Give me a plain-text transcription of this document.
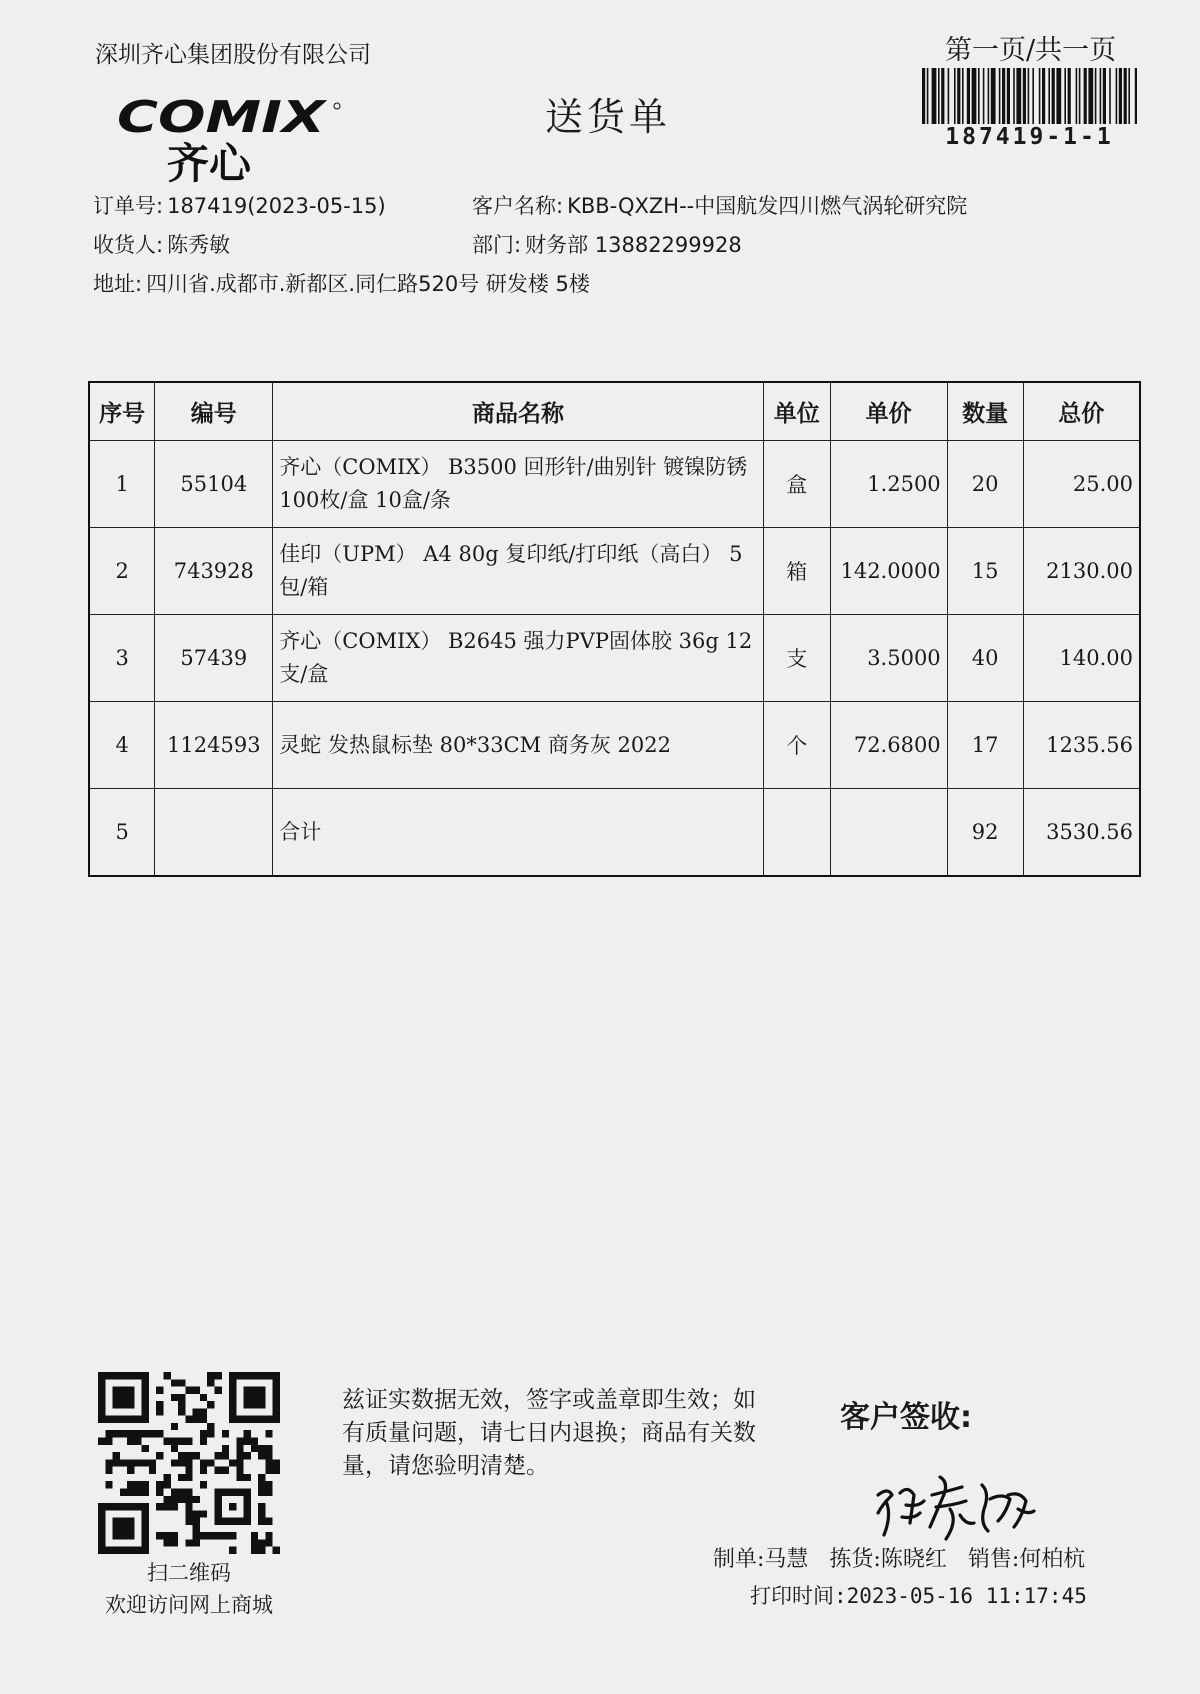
深圳齐心集团股份有限公司	第一页/共一页
187419-1-1
COMIX
齐心
送货单
订单号: 187419(2023-05-15)	客户名称: KBB-QXZH--中国航发四川燃气涡轮研究院
收货人: 陈秀敏	部门: 财务部 13882299928
地址: 四川省.成都市.新都区.同仁路520号 研发楼 5楼
序号	编号	商品名称	单位	单价	数量	总价
1	55104	齐心（COMIX） B3500 回形针/曲别针 镀镍防锈100枚/盒 10盒/条	盒	1.2500	20	25.00
2	743928	佳印（UPM） A4 80g 复印纸/打印纸（高白） 5包/箱	箱	142.0000	15	2130.00
3	57439	齐心（COMIX） B2645 强力PVP固体胶 36g 12支/盒	支	3.5000	40	140.00
4	1124593	灵蛇 发热鼠标垫 80*33CM 商务灰 2022	个	72.6800	17	1235.56
5		合计			92	3530.56
扫二维码
欢迎访问网上商城
兹证实数据无效，签字或盖章即生效；如有质量问题，请七日内退换；商品有关数量，请您验明清楚。
客户签收:
制单:马慧 拣货:陈晓红 销售:何柏杭
打印时间:2023-05-16 11:17:45
